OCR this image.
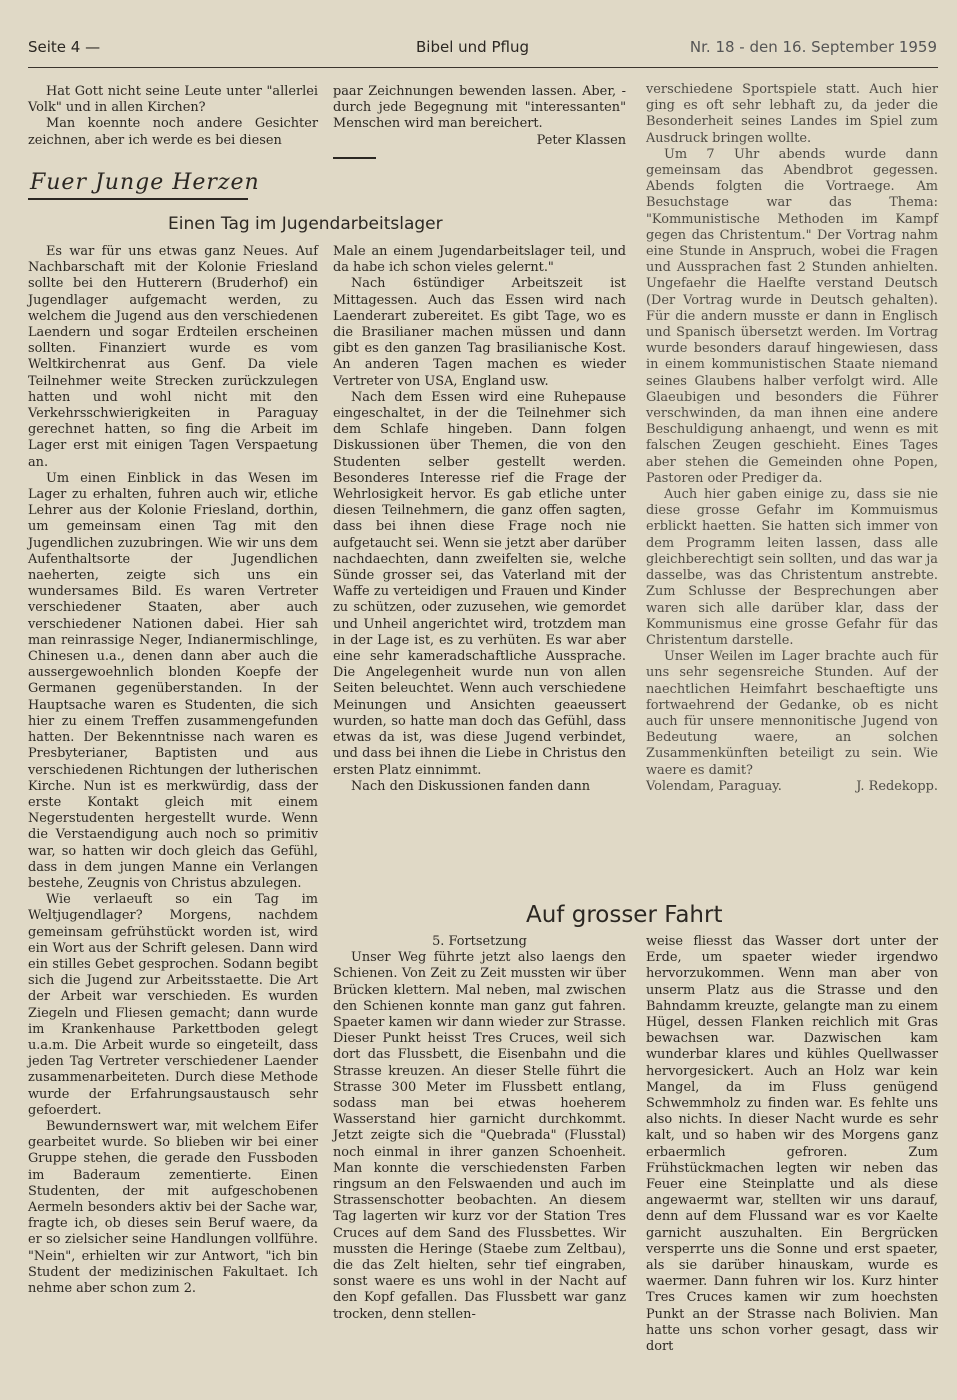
Seite 4 —	Bibel und Pflug	Nr. 18 - den 16. September 1959

Hat Gott nicht seine Leute unter "allerlei Volk" und in allen Kirchen?

Man koennte noch andere Gesichter zeichnen, aber ich werde es bei diesen

paar Zeichnungen bewenden lassen. Aber, - durch jede Begegnung mit "interessanten" Menschen wird man bereichert.

Peter Klassen

Fuer Junge Herzen
Einen Tag im Jugendarbeitslager

Es war für uns etwas ganz Neues. Auf Nachbarschaft mit der Kolonie Friesland sollte bei den Hutterern (Bruderhof) ein Jugendlager aufgemacht werden, zu welchem die Jugend aus den verschiedenen Laendern und sogar Erdteilen erscheinen sollten. Finanziert wurde es vom Weltkirchenrat aus Genf. Da viele Teilnehmer weite Strecken zurückzulegen hatten und wohl nicht mit den Verkehrsschwierigkeiten in Paraguay gerechnet hatten, so fing die Arbeit im Lager erst mit einigen Tagen Verspaetung an.

Um einen Einblick in das Wesen im Lager zu erhalten, fuhren auch wir, etliche Lehrer aus der Kolonie Friesland, dorthin, um gemeinsam einen Tag mit den Jugendlichen zuzubringen. Wie wir uns dem Aufenthaltsorte der Jugendlichen naeherten, zeigte sich uns ein wundersames Bild. Es waren Vertreter verschiedener Staaten, aber auch verschiedener Nationen dabei. Hier sah man reinrassige Neger, Indianermischlinge, Chinesen u.a., denen dann aber auch die aussergewoehnlich blonden Koepfe der Germanen gegenüberstanden. In der Hauptsache waren es Studenten, die sich hier zu einem Treffen zusammengefunden hatten. Der Bekenntnisse nach waren es Presbyterianer, Baptisten und aus verschiedenen Richtungen der lutherischen Kirche. Nun ist es merkwürdig, dass der erste Kontakt gleich mit einem Negerstudenten hergestellt wurde. Wenn die Verstaendigung auch noch so primitiv war, so hatten wir doch gleich das Gefühl, dass in dem jungen Manne ein Verlangen bestehe, Zeugnis von Christus abzulegen.

Wie verlaeuft so ein Tag im Weltjugendlager? Morgens, nachdem gemeinsam gefrühstückt worden ist, wird ein Wort aus der Schrift gelesen. Dann wird ein stilles Gebet gesprochen. Sodann begibt sich die Jugend zur Arbeitsstaette. Die Art der Arbeit war verschieden. Es wurden Ziegeln und Fliesen gemacht; dann wurde im Krankenhause Parkettboden gelegt u.a.m. Die Arbeit wurde so eingeteilt, dass jeden Tag Vertreter verschiedener Laender zusammenarbeiteten. Durch diese Methode wurde der Erfahrungsaustausch sehr gefoerdert.

Bewundernswert war, mit welchem Eifer gearbeitet wurde. So blieben wir bei einer Gruppe stehen, die gerade den Fussboden im Baderaum zementierte. Einen Studenten, der mit aufgeschobenen Aermeln besonders aktiv bei der Sache war, fragte ich, ob dieses sein Beruf waere, da er so zielsicher seine Handlungen vollführe. "Nein", erhielten wir zur Antwort, "ich bin Student der medizinischen Fakultaet. Ich nehme aber schon zum 2.

Male an einem Jugendarbeitslager teil, und da habe ich schon vieles gelernt."

Nach 6stündiger Arbeitszeit ist Mittagessen. Auch das Essen wird nach Laenderart zubereitet. Es gibt Tage, wo es die Brasilianer machen müssen und dann gibt es den ganzen Tag brasilianische Kost. An anderen Tagen machen es wieder Vertreter von USA, England usw.

Nach dem Essen wird eine Ruhepause eingeschaltet, in der die Teilnehmer sich dem Schlafe hingeben. Dann folgen Diskussionen über Themen, die von den Studenten selber gestellt werden. Besonderes Interesse rief die Frage der Wehrlosigkeit hervor. Es gab etliche unter diesen Teilnehmern, die ganz offen sagten, dass bei ihnen diese Frage noch nie aufgetaucht sei. Wenn sie jetzt aber darüber nachdaechten, dann zweifelten sie, welche Sünde grosser sei, das Vaterland mit der Waffe zu verteidigen und Frauen und Kinder zu schützen, oder zuzusehen, wie gemordet und Unheil angerichtet wird, trotzdem man in der Lage ist, es zu verhüten. Es war aber eine sehr kameradschaftliche Aussprache. Die Angelegenheit wurde nun von allen Seiten beleuchtet. Wenn auch verschiedene Meinungen und Ansichten geaeussert wurden, so hatte man doch das Gefühl, dass etwas da ist, was diese Jugend verbindet, und dass bei ihnen die Liebe in Christus den ersten Platz einnimmt.

Nach den Diskussionen fanden dann

verschiedene Sportspiele statt. Auch hier ging es oft sehr lebhaft zu, da jeder die Besonderheit seines Landes im Spiel zum Ausdruck bringen wollte.

Um 7 Uhr abends wurde dann gemeinsam das Abendbrot gegessen. Abends folgten die Vortraege. Am Besuchstage war das Thema: "Kommunistische Methoden im Kampf gegen das Christentum." Der Vortrag nahm eine Stunde in Anspruch, wobei die Fragen und Aussprachen fast 2 Stunden anhielten. Ungefaehr die Haelfte verstand Deutsch (Der Vortrag wurde in Deutsch gehalten). Für die andern musste er dann in Englisch und Spanisch übersetzt werden. Im Vortrag wurde besonders darauf hingewiesen, dass in einem kommunistischen Staate niemand seines Glaubens halber verfolgt wird. Alle Glaeubigen und besonders die Führer verschwinden, da man ihnen eine andere Beschuldigung anhaengt, und wenn es mit falschen Zeugen geschieht. Eines Tages aber stehen die Gemeinden ohne Popen, Pastoren oder Prediger da.

Auch hier gaben einige zu, dass sie nie diese grosse Gefahr im Kommuismus erblickt haetten. Sie hatten sich immer von dem Programm leiten lassen, dass alle gleichberechtigt sein sollten, und das war ja dasselbe, was das Christentum anstrebte. Zum Schlusse der Besprechungen aber waren sich alle darüber klar, dass der Kommunismus eine grosse Gefahr für das Christentum darstelle.

Unser Weilen im Lager brachte auch für uns sehr segensreiche Stunden. Auf der naechtlichen Heimfahrt beschaeftigte uns fortwaehrend der Gedanke, ob es nicht auch für unsere mennonitische Jugend von Bedeutung waere, an solchen Zusammenkünften beteiligt zu sein. Wie waere es damit?

Volendam, Paraguay.	J. Redekopp.
Auf grosser Fahrt

5. Fortsetzung

Unser Weg führte jetzt also laengs den Schienen. Von Zeit zu Zeit mussten wir über Brücken klettern. Mal neben, mal zwischen den Schienen konnte man ganz gut fahren. Spaeter kamen wir dann wieder zur Strasse. Dieser Punkt heisst Tres Cruces, weil sich dort das Flussbett, die Eisenbahn und die Strasse kreuzen. An dieser Stelle führt die Strasse 300 Meter im Flussbett entlang, sodass man bei etwas hoeherem Wasserstand hier garnicht durchkommt. Jetzt zeigte sich die "Quebrada" (Flusstal) noch einmal in ihrer ganzen Schoenheit. Man konnte die verschiedensten Farben ringsum an den Felswaenden und auch im Strassenschotter beobachten. An diesem Tag lagerten wir kurz vor der Station Tres Cruces auf dem Sand des Flussbettes. Wir mussten die Heringe (Staebe zum Zeltbau), die das Zelt hielten, sehr tief eingraben, sonst waere es uns wohl in der Nacht auf den Kopf gefallen. Das Flussbett war ganz trocken, denn stellen-

weise fliesst das Wasser dort unter der Erde, um spaeter wieder irgendwo hervorzukommen. Wenn man aber von unserm Platz aus die Strasse und den Bahndamm kreuzte, gelangte man zu einem Hügel, dessen Flanken reichlich mit Gras bewachsen war. Dazwischen kam wunderbar klares und kühles Quellwasser hervorgesickert. Auch an Holz war kein Mangel, da im Fluss genügend Schwemmholz zu finden war. Es fehlte uns also nichts. In dieser Nacht wurde es sehr kalt, und so haben wir des Morgens ganz erbaermlich gefroren. Zum Frühstückmachen legten wir neben das Feuer eine Steinplatte und als diese angewaermt war, stellten wir uns darauf, denn auf dem Flussand war es vor Kaelte garnicht auszuhalten. Ein Bergrücken versperrte uns die Sonne und erst spaeter, als sie darüber hinauskam, wurde es waermer. Dann fuhren wir los. Kurz hinter Tres Cruces kamen wir zum hoechsten Punkt an der Strasse nach Bolivien. Man hatte uns schon vorher gesagt, dass wir dort
